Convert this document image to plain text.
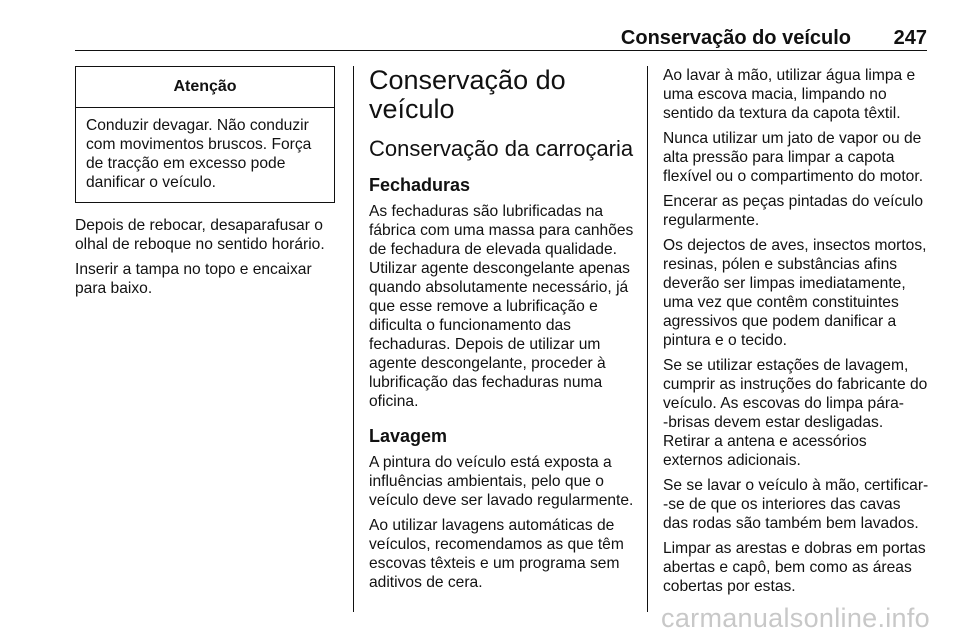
Conservação do veículo 247
Atenção
Conduzir devagar. Não conduzir com movimentos bruscos. Força de tracção em excesso pode danificar o veículo.

Depois de rebocar, desaparafusar o olhal de reboque no sentido horário.

Inserir a tampa no topo e encaixar para baixo.

Conservação do veículo
Conservação da carroçaria
Fechaduras

As fechaduras são lubrificadas na fábrica com uma massa para canhões de fechadura de elevada qualidade. Utilizar agente descongelante apenas quando absolutamente necessário, já que esse remove a lubrificação e dificulta o funcionamento das fechaduras. Depois de utilizar um agente descongelante, proceder à lubrificação das fechaduras numa oficina.

Lavagem

A pintura do veículo está exposta a influências ambientais, pelo que o veículo deve ser lavado regularmente.

Ao utilizar lavagens automáticas de veículos, recomendamos as que têm escovas têxteis e um programa sem aditivos de cera.

Ao lavar à mão, utilizar água limpa e uma escova macia, limpando no sentido da textura da capota têxtil.

Nunca utilizar um jato de vapor ou de alta pressão para limpar a capota flexível ou o compartimento do motor.

Encerar as peças pintadas do veículo regularmente.

Os dejectos de aves, insectos mortos, resinas, pólen e substâncias afins deverão ser limpas imediatamente, uma vez que contêm constituintes agressivos que podem danificar a pintura e o tecido.

Se se utilizar estações de lavagem, cumprir as instruções do fabricante do veículo. As escovas do limpa pára-‑brisas devem estar desligadas. Retirar a antena e acessórios externos adicionais.

Se se lavar o veículo à mão, certificar-‑se de que os interiores das cavas das rodas são também bem lavados.

Limpar as arestas e dobras em portas abertas e capô, bem como as áreas cobertas por estas.

carmanualsonline.info
